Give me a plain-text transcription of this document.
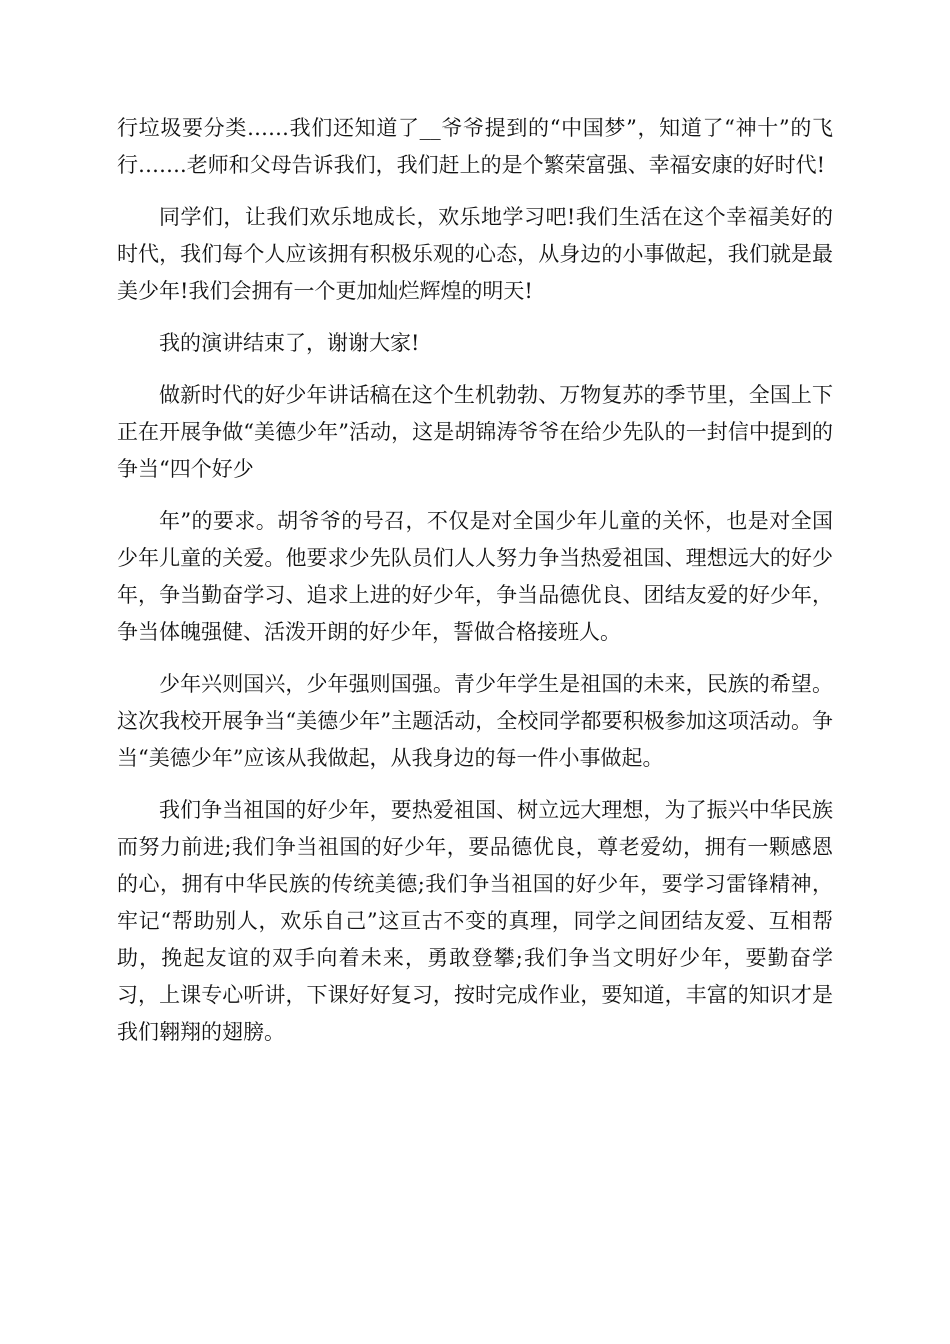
行垃圾要分类……我们还知道了__爷爷提到的“中国梦”，知道了“神十”的飞行…….老师和父母告诉我们，我们赶上的是个繁荣富强、幸福安康的好时代!

同学们，让我们欢乐地成长，欢乐地学习吧!我们生活在这个幸福美好的时代，我们每个人应该拥有积极乐观的心态，从身边的小事做起，我们就是最美少年!我们会拥有一个更加灿烂辉煌的明天!

我的演讲结束了，谢谢大家!

做新时代的好少年讲话稿在这个生机勃勃、万物复苏的季节里，全国上下正在开展争做“美德少年”活动，这是胡锦涛爷爷在给少先队的一封信中提到的争当“四个好少

年”的要求。胡爷爷的号召，不仅是对全国少年儿童的关怀，也是对全国少年儿童的关爱。他要求少先队员们人人努力争当热爱祖国、理想远大的好少年，争当勤奋学习、追求上进的好少年，争当品德优良、团结友爱的好少年，争当体魄强健、活泼开朗的好少年，誓做合格接班人。

少年兴则国兴，少年强则国强。青少年学生是祖国的未来，民族的希望。这次我校开展争当“美德少年”主题活动，全校同学都要积极参加这项活动。争当“美德少年”应该从我做起，从我身边的每一件小事做起。

我们争当祖国的好少年，要热爱祖国、树立远大理想，为了振兴中华民族而努力前进;我们争当祖国的好少年，要品德优良，尊老爱幼，拥有一颗感恩的心，拥有中华民族的传统美德;我们争当祖国的好少年，要学习雷锋精神，牢记“帮助别人，欢乐自己”这亘古不变的真理，同学之间团结友爱、互相帮助，挽起友谊的双手向着未来，勇敢登攀;我们争当文明好少年，要勤奋学习，上课专心听讲，下课好好复习，按时完成作业，要知道，丰富的知识才是我们翱翔的翅膀。
